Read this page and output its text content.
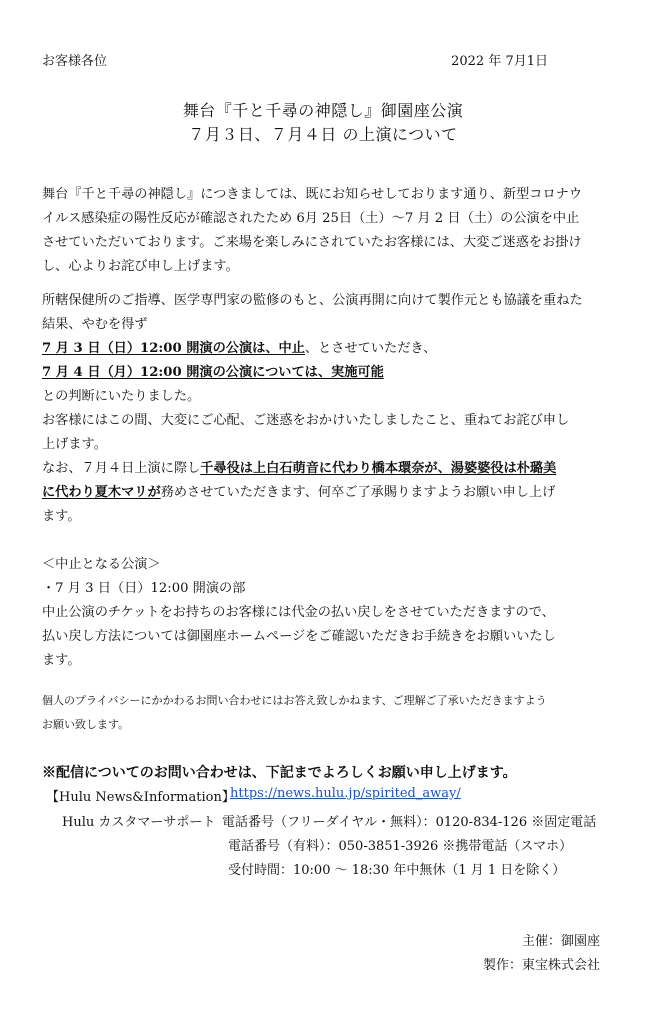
お客様各位	2022 年 7月1日
舞台『千と千尋の神隠し』御園座公演
７月３日、７月４日 の上演について
舞台『千と千尋の神隠し』につきましては、既にお知らせしております通り、新型コロナウ
イルス感染症の陽性反応が確認されたため 6月 25日（土）〜7 月 2 日（土）の公演を中止
させていただいております。ご来場を楽しみにされていたお客様には、大変ご迷惑をお掛け
し、心よりお詫び申し上げます。
所轄保健所のご指導、医学専門家の監修のもと、公演再開に向けて製作元とも協議を重ねた
結果、やむを得ず
7 月 3 日（日）12:00 開演の公演は、中止、とさせていただき、
7 月 4 日（月）12:00 開演の公演については、実施可能
との判断にいたりました。
お客様にはこの間、大変にご心配、ご迷惑をおかけいたしましたこと、重ねてお詫び申し
上げます。
なお、７月４日上演に際し千尋役は上白石萌音に代わり橋本環奈が、湯婆婆役は朴璐美
に代わり夏木マリが務めさせていただきます、何卒ご了承賜りますようお願い申し上げ
ます。
＜中止となる公演＞
・7 月 3 日（日）12:00 開演の部
中止公演のチケットをお持ちのお客様には代金の払い戻しをさせていただきますので、
払い戻し方法については御園座ホームページをご確認いただきお手続きをお願いいたし
ます。
個人のプライバシーにかかわるお問い合わせにはお答え致しかねます、ご理解ご了承いただきますよう
お願い致します。
※配信についてのお問い合わせは、下記までよろしくお願い申し上げます。
【Hulu News&Information】
https://news.hulu.jp/spirited_away/
Hulu カスタマーサポート 電話番号（フリーダイヤル・無料）：0120-834-126 ※固定電話
電話番号（有料）：050-3851-3926 ※携帯電話（スマホ）
受付時間：10:00 〜 18:30 年中無休（1 月 1 日を除く）
主催：御園座
製作：東宝株式会社
